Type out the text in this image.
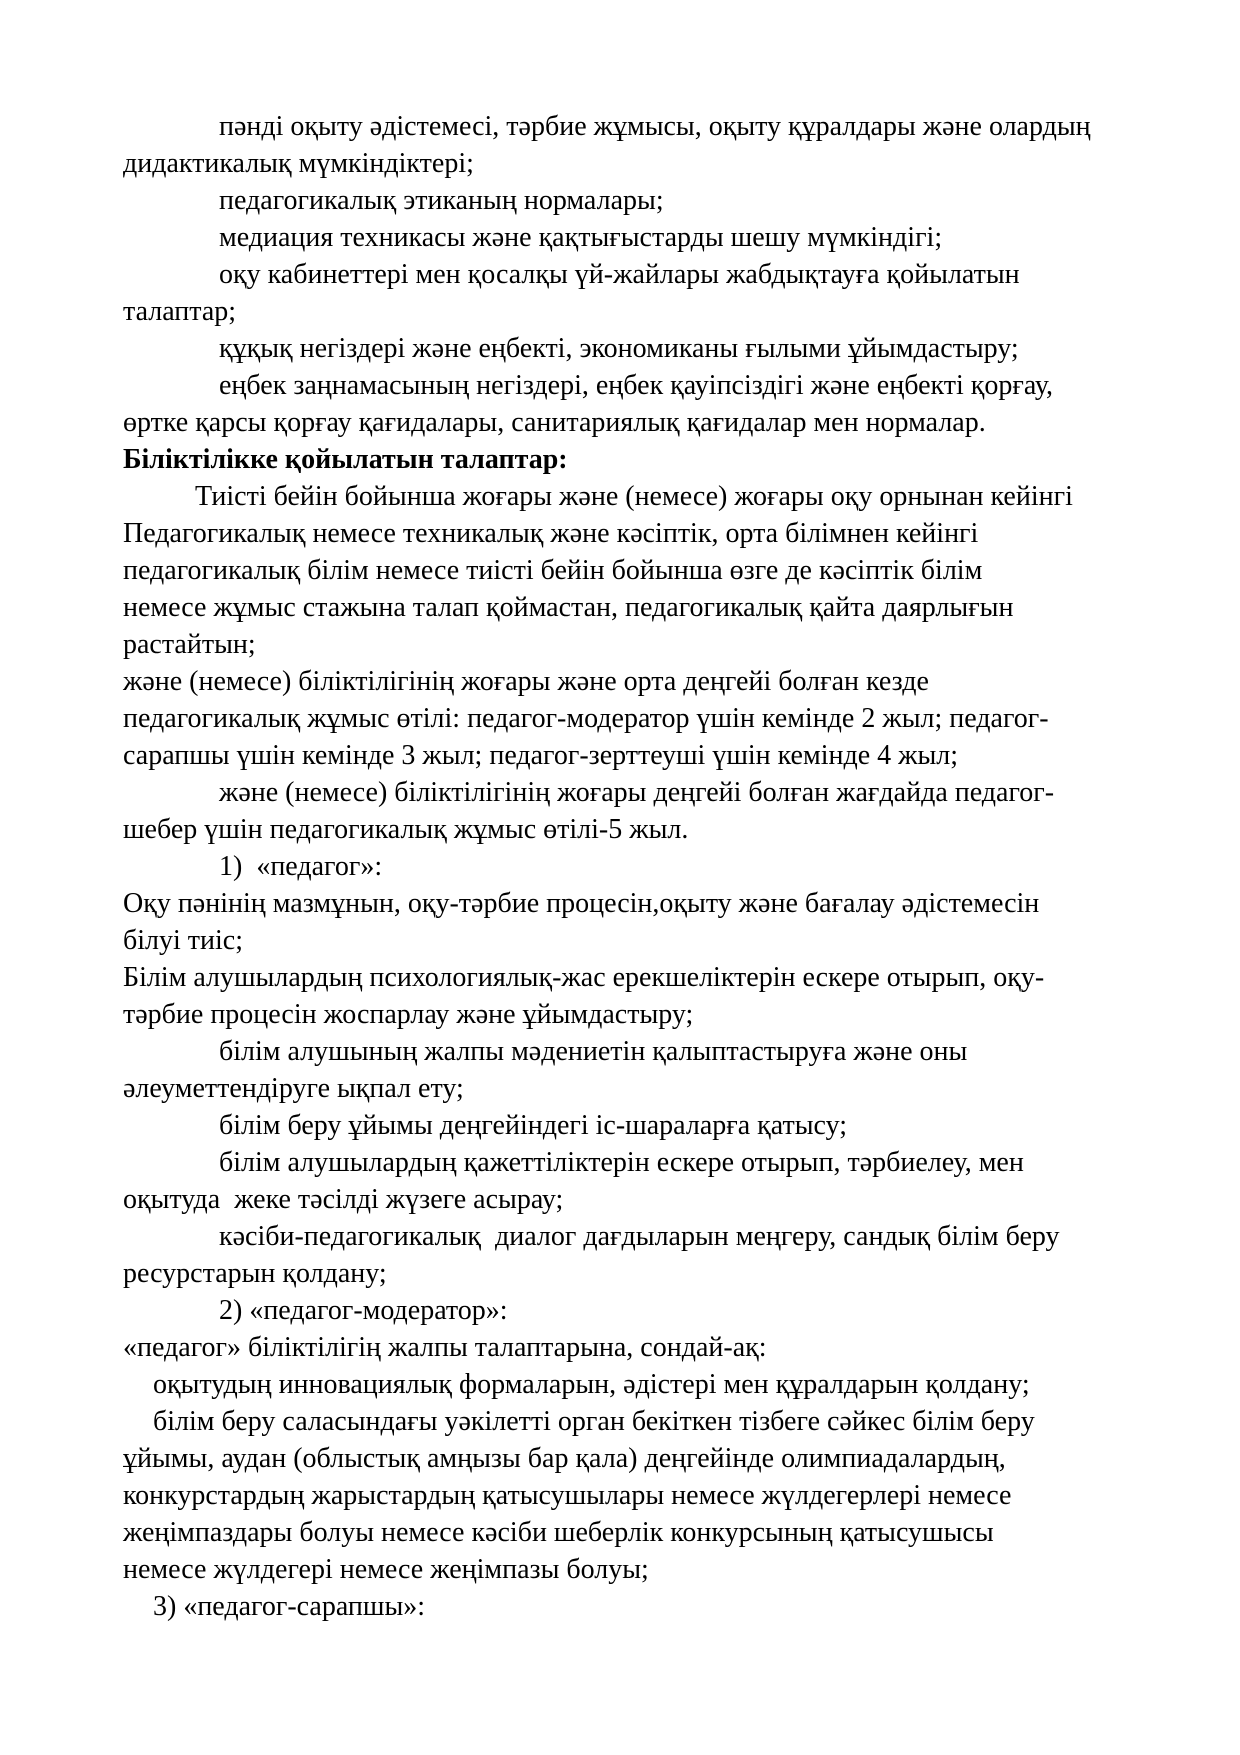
пәнді оқыту әдістемесі, тәрбие жұмысы, оқыту құралдары және олардың
дидактикалық мүмкіндіктері;
педагогикалық этиканың нормалары;
медиация техникасы және қақтығыстарды шешу мүмкіндігі;
оқу кабинеттері мен қосалқы үй-жайлары жабдықтауға қойылатын
талаптар;
құқық негіздері және еңбекті, экономиканы ғылыми ұйымдастыру;
еңбек заңнамасының негіздері, еңбек қауіпсіздігі және еңбекті қорғау,
өртке қарсы қорғау қағидалары, санитариялық қағидалар мен нормалар.
Біліктілікке қойылатын талаптар:
Тиісті бейін бойынша жоғары және (немесе) жоғары оқу орнынан кейінгі
Педагогикалық немесе техникалық және кәсіптік, орта білімнен кейінгі
педагогикалық білім немесе тиісті бейін бойынша өзге де кәсіптік білім
немесе жұмыс стажына талап қоймастан, педагогикалық қайта даярлығын
растайтын;
және (немесе) біліктілігінің жоғары және орта деңгейі болған кезде
педагогикалық жұмыс өтілі: педагог-модератор үшін кемінде 2 жыл; педагог-
сарапшы үшін кемінде 3 жыл; педагог-зерттеуші үшін кемінде 4 жыл;
және (немесе) біліктілігінің жоғары деңгейі болған жағдайда педагог-
шебер үшін педагогикалық жұмыс өтілі-5 жыл.
1)  «педагог»:
Оқу пәнінің мазмұнын, оқу-тәрбие процесін,оқыту және бағалау әдістемесін
білуі тиіс;
Білім алушылардың психологиялық-жас ерекшеліктерін ескере отырып, оқу-
тәрбие процесін жоспарлау және ұйымдастыру;
білім алушының жалпы мәдениетін қалыптастыруға және оны
әлеуметтендіруге ықпал ету;
білім беру ұйымы деңгейіндегі іс-шараларға қатысу;
білім алушылардың қажеттіліктерін ескере отырып, тәрбиелеу, мен
оқытуда  жеке тәсілді жүзеге асырау;
кәсіби-педагогикалық  диалог дағдыларын меңгеру, сандық білім беру
ресурстарын қолдану;
2) «педагог-модератор»:
«педагог» біліктілігің жалпы талаптарына, сондай-ақ:
оқытудың инновациялық формаларын, әдістері мен құралдарын қолдану;
білім беру саласындағы уәкілетті орган бекіткен тізбеге сәйкес білім беру
ұйымы, аудан (облыстық амңызы бар қала) деңгейінде олимпиадалардың,
конкурстардың жарыстардың қатысушылары немесе жүлдегерлері немесе
жеңімпаздары болуы немесе кәсіби шеберлік конкурсының қатысушысы
немесе жүлдегері немесе жеңімпазы болуы;
3) «педагог-сарапшы»:
